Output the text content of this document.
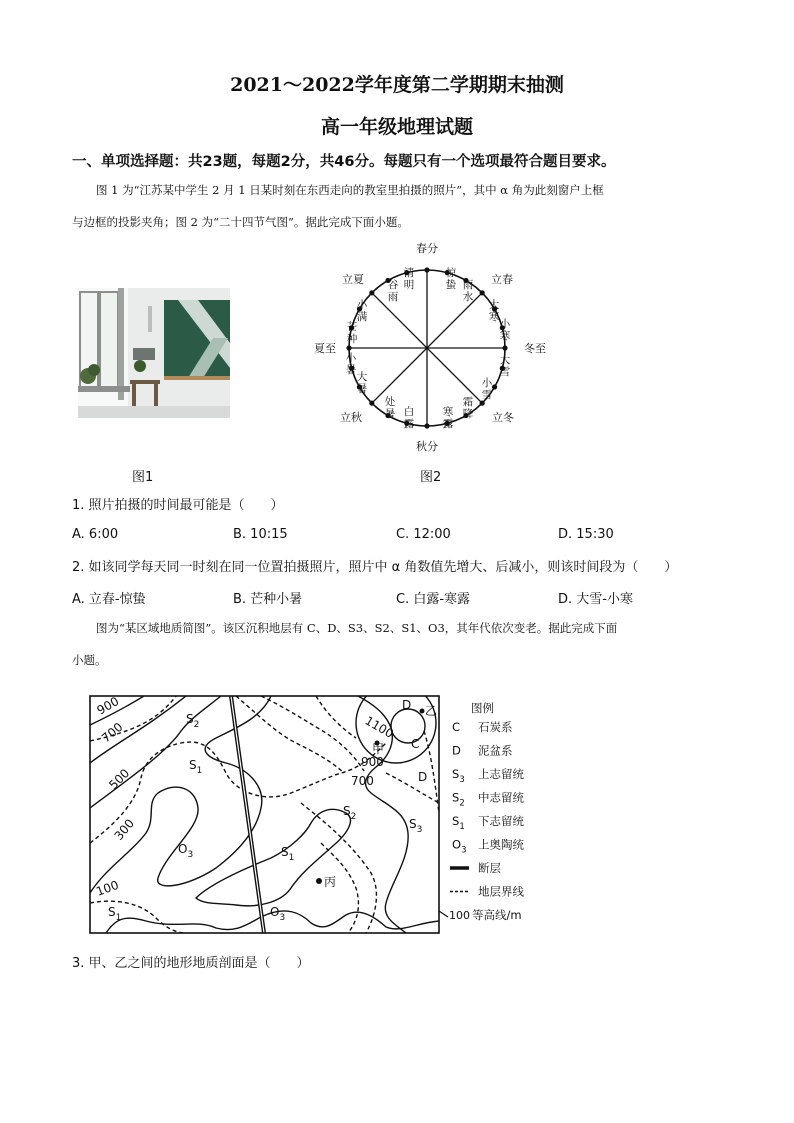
2021～2022学年度第二学期期末抽测
高一年级地理试题
一、单项选择题：共23题，每题2分，共46分。每题只有一个选项最符合题目要求。
图 1 为“江苏某中学生 2 月 1 日某时刻在东西走向的教室里拍摄的照片”，其中 α 角为此刻窗户上框
与边框的投影夹角；图 2 为“二十四节气图”。据此完成下面小题。
春分
秋分
夏至	冬至
立春
立夏
立秋	立冬
清
明
谷
雨
惊
蛰 雨
水
大
寒
小
寒
大
雪
小
雪
霜
降
寒
露
白
露
处
暑
大
暑
小
暑
芒
种
小
满
图1	图2
1. 照片拍摄的时间最可能是（　　）
A. 6:00	B. 10:15	C. 12:00	D. 15:30
2. 如该同学每天同一时刻在同一位置拍摄照片，照片中 α 角数值先增大、后减小，则该时间段为（　　）
A. 立春-惊蛰	B. 芒种小暑	C. 白露-寒露	D. 大雪-小寒
图为“某区域地质简图”。该区沉积地层有 C、D、S3、S2、S1、O3，其年代依次变老。据此完成下面
小题。
900
700
500
300
100
1100
900
700
$S_2$
$S_1$
$O_3$
$S_1$
$S_2$	$S_3$
$S_1$
$O_3$
D
C
D
甲
乙
丙
图例
C 石炭系
D 泥盆系
$S_3$ 上志留统
$S_2$ 中志留统
$S_1$ 下志留统
$O_3$ 上奥陶统
断层
地层界线
100 等高线/m
3. 甲、乙之间的地形地质剖面是（　　）
